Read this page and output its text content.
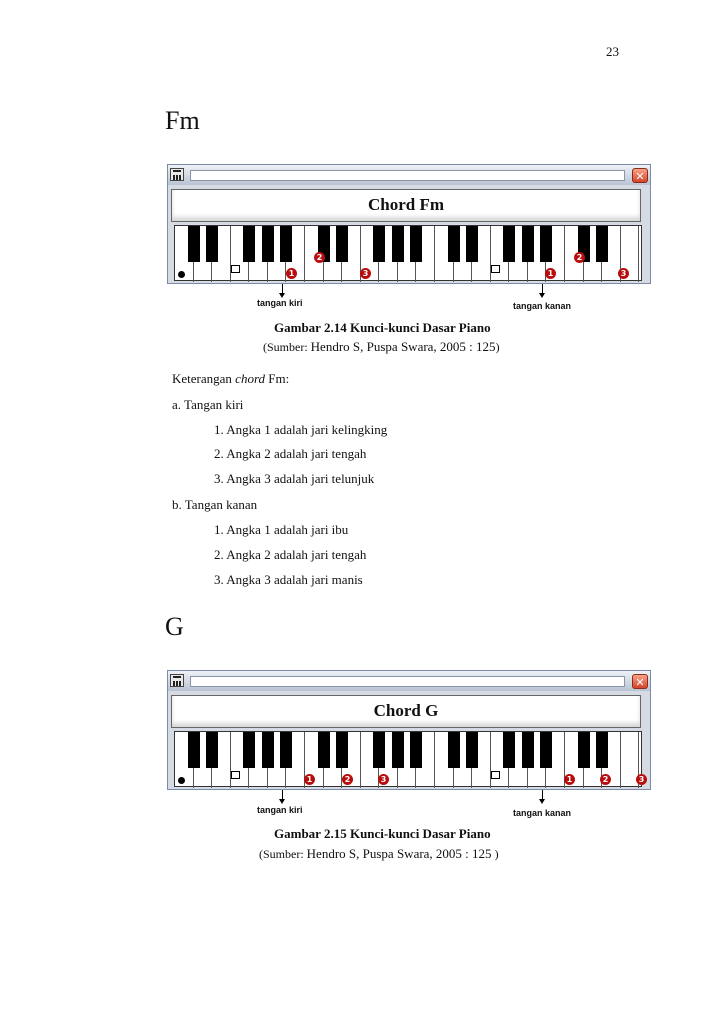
23
Fm
✕
Chord Fm
2
1	3
2
1	3
tangan kiri	tangan kanan
Gambar 2.14 Kunci-kunci Dasar Piano
(Sumber: Hendro S, Puspa Swara, 2005 : 125)
Keterangan chord Fm:
a. Tangan kiri
1. Angka 1 adalah jari kelingking
2. Angka 2 adalah jari tengah
3. Angka 3 adalah jari telunjuk
b. Tangan kanan
1. Angka 1 adalah jari ibu
2. Angka 2 adalah jari tengah
3. Angka 3 adalah jari manis
G
✕
Chord G
1	2	3	1	2	3
tangan kiri	tangan kanan
Gambar 2.15 Kunci-kunci Dasar Piano
(Sumber: Hendro S, Puspa Swara, 2005 : 125 )
